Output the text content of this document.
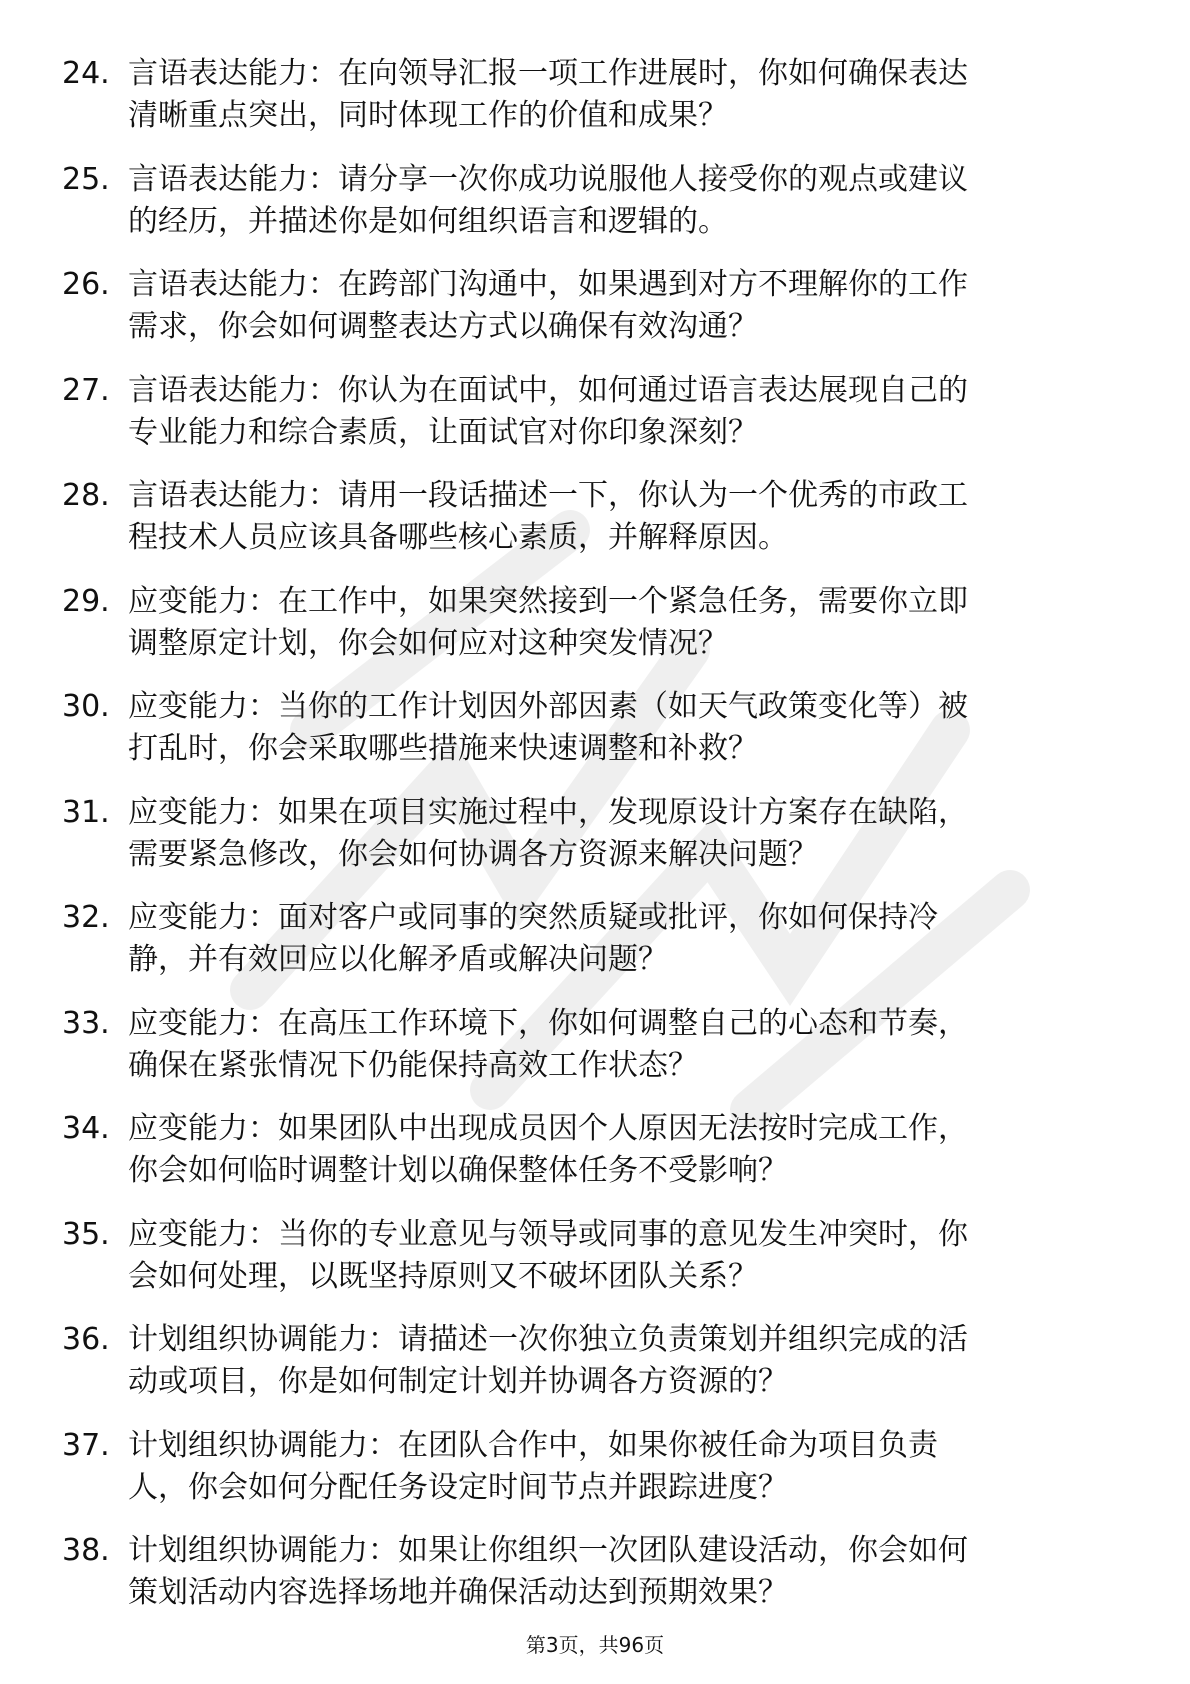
24. 言语表达能力：在向领导汇报一项工作进展时，你如何确保表达
清晰重点突出，同时体现工作的价值和成果？
25. 言语表达能力：请分享一次你成功说服他人接受你的观点或建议
的经历，并描述你是如何组织语言和逻辑的。
26. 言语表达能力：在跨部门沟通中，如果遇到对方不理解你的工作
需求，你会如何调整表达方式以确保有效沟通？
27. 言语表达能力：你认为在面试中，如何通过语言表达展现自己的
专业能力和综合素质，让面试官对你印象深刻？
28. 言语表达能力：请用一段话描述一下，你认为一个优秀的市政工
程技术人员应该具备哪些核心素质，并解释原因。
29. 应变能力：在工作中，如果突然接到一个紧急任务，需要你立即
调整原定计划，你会如何应对这种突发情况？
30. 应变能力：当你的工作计划因外部因素（如天气政策变化等）被
打乱时，你会采取哪些措施来快速调整和补救？
31. 应变能力：如果在项目实施过程中，发现原设计方案存在缺陷，
需要紧急修改，你会如何协调各方资源来解决问题？
32. 应变能力：面对客户或同事的突然质疑或批评，你如何保持冷
静，并有效回应以化解矛盾或解决问题？
33. 应变能力：在高压工作环境下，你如何调整自己的心态和节奏，
确保在紧张情况下仍能保持高效工作状态？
34. 应变能力：如果团队中出现成员因个人原因无法按时完成工作，
你会如何临时调整计划以确保整体任务不受影响？
35. 应变能力：当你的专业意见与领导或同事的意见发生冲突时，你
会如何处理，以既坚持原则又不破坏团队关系？
36. 计划组织协调能力：请描述一次你独立负责策划并组织完成的活
动或项目，你是如何制定计划并协调各方资源的？
37. 计划组织协调能力：在团队合作中，如果你被任命为项目负责
人，你会如何分配任务设定时间节点并跟踪进度？
38. 计划组织协调能力：如果让你组织一次团队建设活动，你会如何
策划活动内容选择场地并确保活动达到预期效果？
第3页，共96页
